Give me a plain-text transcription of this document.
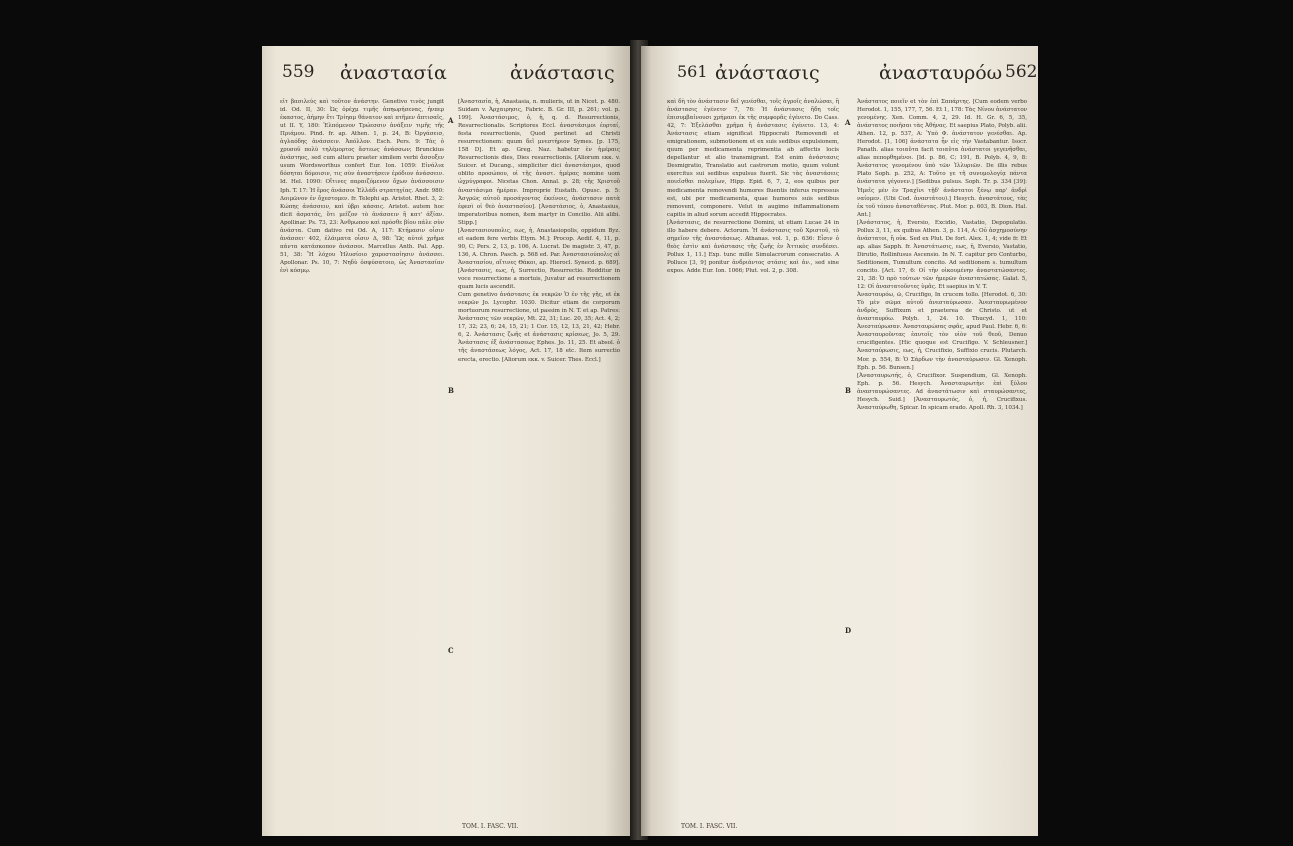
559 ἀναστασία	ἀνάστασις

εἶτ βασιλεὺς καὶ τοῦτον ἀνάστην. Genetivo τινὸς jungit id. Od. II, 30: Ὡς ὀρέχμ τιμῆς ἀπηωρήσενας, ἡνπερ ἐκαστος, ἀήμην ἔτι Τρίηαμ θάνατον καὶ πτῆμεν ἄπτισαῖς, ut II. Y, 180: Ἐλπόμενον Τρώεσσιν ἀνάξειν τιμῆς τῆς Πριάμου. Pind. fr. ap. Athen. 1, p. 24, B: Ὀργάσεισ, ἀγλαόδης ἀνάσσειν. Ἀπόλλον. Esch. Pers. 9: Τὰς ὁ χρυσοῦ πολὺ τηλέμορτος ἄστεως ἀνάσσων; Brunckius ἀνάστηος, sed cum alteru praeter similem verbi ἄσσοξεν usum Wordsworthus confert Eur. Ion. 1059: Εἰνάλια δόσηται δόμοισιν, τις σὺν ἀναστήσειν ἐρόδιον ἀνάσσειν. Id. Hel. 1090: Οἴτινες παραιζόμενον ὄχων ἀνάσσοισιν Iph. T. 17: Ἠ ἔρος ἀνάσσοι Ἑλλάδι στρατηγίας. Andr. 980: Δοιμῶνον ἐν ὄχεστομεν. fr. Telephi ap. Aristot. Rhet. 3, 2: Κώπης ἀνάσσειν, καὶ ὑβρι κάσαις. Aristot. autem hoc dicit ἀσρατάς, ὅτι μεῖζον τὸ ἀνάσσειν ἢ κατ' ἀξίαν. Apollinar. Ps. 73, 23: Ἀνθρωπου καὶ πρόσθε βίου πάλε σὺν ἀνάστα. Cum dativo rei Od. A, 117: Κτήμασιν οἶσιν ἀνάσσει· 402, ἐλάιματα οἶσιν Δ, 98: Ὣς αὐτοὶ χρῆμα πάντα κατάσκοπον ἀνάσσοι. Marcellus Anth. Pal. App. 51, 38: Ἢ λόχου Ἠλυσίοιο χαροστασίησιν ἀνάσσει. Apollonar. Ps. 10, 7: Νηδὺ ὀσφύσατοιο, ὡς Ἀναστασίαν ἐνὶ κόσμῳ.

A
B
C

[Ἀναστασία, ἡ, Anastasia, n. mulieris, ut in Nicet. p. 480. Suidam v. Ἀρχαιρησις, Fabric. B. Gr. III, p. 261; vol. p. 199]. Ἀναστάσιμος, ὁ, ἡ, q. d. Resurrectionis, Resurrectionalis. Scriptores Eccl. ἀναστάσιμοι ἑορταί, festa resurrectionis, Quod pertinet ad Christi resurrectionem: quum δεῖ μνεστήριον Symes. [p. 175, 158 D]. Et ap. Greg. Naz. habetur ἐν ἡμέραις Resurrectionis dies, Dies resurrectionis. [Aliorum εκκ. v. Suicer. et Ducang., simpliciter dici ἀναστάσιμοι, quod oblito προσώπου, οἱ τῆς ἀναστ. ἡμέρας nomine uom ὠχρύγραφοι. Nicetas Chon. Annal. p. 28; τῆς Χριστοῦ ἀναστάσιμα ἡμέραν. Improprie Eustath. Opusc. p. 5: Ἀσγρῶς αὐτοῦ προσάγοντος ἐκείνοις, ἀνάστασιν πατὰ ἐφεσὶ οἱ θεὸ ἀναστασίου]. [Ἀναστάσιος, ὁ, Anastasius, imperatoribus nomen, item martyr in Concilio. Alii alibi. Stipp.]

[Ἀναστασιουπολις, εως, ἡ, Anastasiopolis, oppidum Byz. et eadem fere verbis Etym. M.]: Procop. Aedif. 4, 11, p. 90, C; Pers. 2, 13, p. 106, A. Lucrat. De magistr. 3, 47, p. 136, A. Chron. Pasch. p. 568 ed. Par. Ἀναστασιούπολις αἱ Ἀναστασίου, αἵτινες Θάκοι, ap. Hierocl. Synecd. p. 689]. [Ἀνάστασις, εως, ἡ, Surrectio, Resurrectio. Redditur in voce resurrectione a mortuis, Juvatur ad resurrectionem quam lucis ascendit.

Cum genetivo ἀνάστασις ἐκ νεκρῶν Ὁ ἐν τῆς γῆς, et ἐκ νεκρῶν Jo. Lycophr. 1030. Dicitur etiam de corporum mortuorum resurrectione, ut passim in N. T. et ap. Patres: Ἀνάστασις τῶν νεκρῶν, Μt. 22, 31; Luc. 20, 35; Act. 4, 2; 17, 32; 23, 6; 24, 15, 21; 1 Cor. 15, 12, 13, 21, 42; Hebr. 6, 2. Ἀνάστασις ζωῆς et ἀνάστασις κρίσεως, Jo. 5, 29. Ἀνάστασις ἐξ ἀνάστασεως Ephes. Jo. 11, 25. Et absol. ὁ τῆς ἀναστάσεως λόγος, Act. 17, 18 etc. Item surrectio erecta, erectio. [Aliorum εκκ. v. Suicer. Thes. Eccl.]

TOM. I. FASC. VII.
561 ἀνάστασις	ἀνασταυρόω 562

καὶ δὴ τὸν ἀνάστασιν δεῖ γενέσθαι, τοῖς ἀγροῖς ἀναλώσαι, ἢ ἀνάστασις ἐγένετο· 7, 76: Ἡ ἀνάστασις ἤδη τοῖς ἐπισυμβαίνουσι χρήμασι ἐκ τῆς συμφορᾶς ἐγένετο. Do Cass. 42, 7: Ἐξελάσθαι χρῆμα ἢ ἀνάστασις ἐγένετο. 13, 4: Ἀνάστασις etiam significat Hippocrati Removendi et emigrationem, submotionem et ex suis sedibus expulsionem, quum per medicamenta reprimentia ab affectis locis depellantur et alio transmigrant. Est enim ἀνάστασις Desmigratio, Translatio aut castrorum motio, quum volunt exercitus sui sedibus expulsus fuerit. Sic τὰς ἀναστάσεις ποιεῖσθαι πολεμίων, Hipp. Epid. 6, 7, 2, eos quibus per medicamenta removendi humores fluentis inferus repressus est, ubi per medicamenta, quae humores suis sedibus removent, componere. Velut in augimo inflammationem capitis in aliud sorum accedit Hippocrates.

[Ἀνάστασις, de resurrectione Domini, ut etiam Lucae 24 in illo habere debere. Actorum. Ἡ ἀνάστασις τοῦ Χριστοῦ, τὸ σημεῖον τῆς ἀναστάσεως. Athanas. vol. 1, p. 636: Εἶσιν ὁ θεὸς ἐστὶν καὶ ἀνάστασις τῆς ζωῆς ἐν Ἀττικὸς συνδέσει. Pollux 1, 11.] Exp. tunc mille Simulacrorum consecratio. A Polluce [3, 9] ponitur ἀνδριάντος στάσις καὶ ἀν., sed sine expos. Adde Eur. Ion. 1066; Plut. vol. 2, p. 308.

A
B
D

Ἀνάστατος ποιεῖν et τὸν ἐπὶ Σαπάρτης. [Cum eodem verbo Herodot. 1, 155, 177, 7, 56. Et 1, 178: Τὰς Νίνου ἀνάστατον γενομένης. Xen. Comm. 4, 2, 29. Id. H. Gr. 6, 5, 35, ἀνάστατος ποιῆσαι τὰς Ἀθήνας. Et saepius Plato, Polyb. alii. Athen. 12, p. 537, A: Ὑπὸ Φ. ἀνάστατον γενέσθαι. Ap. Herodot. [1, 106] ἀνάστατα ἦν εἰς τὴν Vastabantur. Isocr. Panath. alias τοιαῦτα facit τοιαῦτα ἀνάστατοι γεγενῆσθαι, alias πεπορθημένοι. [Id. p. 86, C; 191, B. Polyb. 4, 9, 8: Ἀνάστατος γενομένου ὑπὸ τῶν Ἰλλυριῶν. De illis rebus Plato Soph. p. 252, A: Τοῦτο γε τῆ συνυμολογίᾳ πάντα ἀνάστατα γέγονεν.] [Sedibus pulsus. Soph. Tr. p. 334 [39]: Ἡμεῖς μὲν ἐν Τραχῖνι τῇδ' ἀνάστατοι ξένῳ παρ' ἀνδρὶ ναίομεν. (Ubi Cod. ἀναστάτου).] Hesych. ἀναστάτους, τὰς ἐκ τοῦ τόπου ἀνασταθέντας. Plut. Mor. p. 603, B. Dion. Hal. Ant.]

[Ἀνάστατος, ἡ, Eversio, Excidio, Vastatio, Depopulatio. Pollux 3, 11, ex quibus Athen. 3, p. 114, A: Οὐ ἀσχημοσύνην ἀνάστατοι, ἢ οὐκ. Sed ex Plut. De fort. Alex. 1, 4; vide fr. Et ap. alias Sapph. fr. Ἀναστάτωσις, εως, ἡ, Eversio, Vastatio, Dirutio, Rollinfusus Ascensio. In N. T. capitur pro Conturbo, Seditionem, Tumultum concito. Ad seditionem s. tumultum concito. [Act. 17, 6: Οἱ τὴν οἰκουμένην ἀναστατώσαντες. 21, 38: Ὁ πρὸ τούτων τῶν ἡμερῶν ἀναστατώσας. Galat. 5, 12: Οἱ ἀναστατοῦντες ὑμᾶς. Et saepius in V. T.

Ἀνασταυρόω, ῶ, Crucifigo, In crucem tollo. [Herodot. 6, 30: Τὸ μὲν σῶμα αὐτοῦ ἀνεσταύρωσαν. Ἀνεσταυρωμένον ἀνδρὸς, Suffixum et praeterea de Christo. ut et ἀνασταυρόω. Polyb. 1, 24. 10. Thucyd. 1, 110: Ἀνεσταύρωσαν. Ἀνασταυρώσας σφᾶς, apud Paul. Hebr. 6, 6: Ἀνασταυροῦντας ἑαυτοῖς τὸν υἱὸν τοῦ θεοῦ, Denuo crucifigentes. [Hic quoque est Crucifigo. V. Schleusner.] Ἀνασταύρωσις, εως, ἡ, Crucifixio, Suffixio crucis. Plutarch. Mor. p. 554, B: Ὁ Σάρδων τὴν ἀνασταύρωσιν. Gl. Xenoph. Eph. p. 56. Bunsen.]

[Ἀνασταυρωτής, ὁ, Crucifixor. Suspendium, Gl. Xenoph. Eph. p. 56. Hesych. Ἀνασταυρωτὴν: ἐπὶ ξύλου ἀνασταυρώσαντες. Ad ἀναστάτωσιν καὶ σταυρώσαντες, Hesych. Suid.] [Ἀνασταυρωτός, ὁ, ἡ, Crucifixus. Ἀνασταύρωθη, Spicar. In spicam erado. Apoll. Rh. 3, 1034.]

TOM. I. FASC. VII.
